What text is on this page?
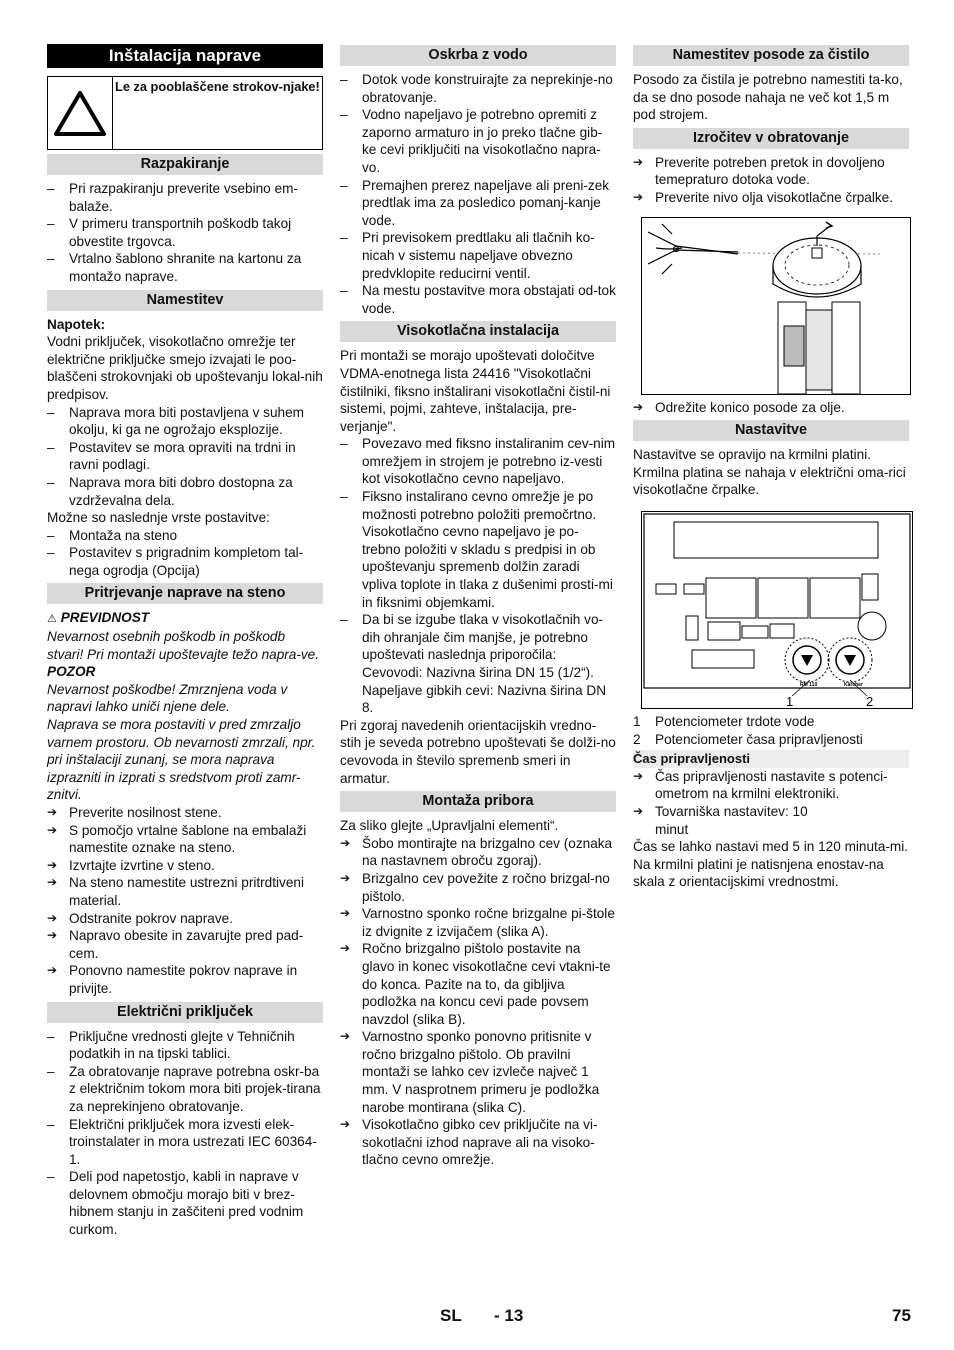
Inštalacija naprave
Le za pooblaščene strokov-njake!
Razpakiranje
– Pri razpakiranju preverite vsebino em-balaže.
– V primeru transportnih poškodb takoj obvestite trgovca.
– Vrtalno šablono shranite na kartonu za montažo naprave.
Namestitev

Napotek:

Vodni priključek, visokotlačno omrežje ter električne priključke smejo izvajati le poo-blaščeni strokovnjaki ob upoštevanju lokal-nih predpisov.

– Naprava mora biti postavljena v suhem okolju, ki ga ne ogrožajo eksplozije.
– Postavitev se mora opraviti na trdni in ravni podlagi.
– Naprava mora biti dobro dostopna za vzdrževalna dela.

Možne so naslednje vrste postavitve:

– Montaža na steno
– Postavitev s prigradnim kompletom tal-nega ogrodja (Opcija)
Pritrjevanje naprave na steno

⚠ PREVIDNOST

Nevarnost osebnih poškodb in poškodb stvari! Pri montaži upoštevajte težo napra-ve.

POZOR

Nevarnost poškodbe! Zmrznjena voda v napravi lahko uniči njene dele.

Naprava se mora postaviti v pred zmrzaljo varnem prostoru. Ob nevarnosti zmrzali, npr. pri inštalaciji zunanj, se mora naprava izprazniti in izprati s sredstvom proti zamr-znitvi.

➔ Preverite nosilnost stene.
➔ S pomočjo vrtalne šablone na embalaži namestite oznake na steno.
➔ Izvrtajte izvrtine v steno.
➔ Na steno namestite ustrezni pritrdtiveni material.
➔ Odstranite pokrov naprave.
➔ Napravo obesite in zavarujte pred pad-cem.
➔ Ponovno namestite pokrov naprave in privijte.
Električni priključek
– Priključne vrednosti glejte v Tehničnih podatkih in na tipski tablici.
– Za obratovanje naprave potrebna oskr-ba z električnim tokom mora biti projek-tirana za neprekinjeno obratovanje.
– Električni priključek mora izvesti elek-troinstalater in mora ustrezati IEC 60364-1.
– Deli pod napetostjo, kabli in naprave v delovnem območju morajo biti v brez-hibnem stanju in zaščiteni pred vodnim curkom.
Oskrba z vodo
– Dotok vode konstruirajte za neprekinje-no obratovanje.
– Vodno napeljavo je potrebno opremiti z zaporno armaturo in jo preko tlačne gib-ke cevi priključiti na visokotlačno napra-vo.
– Premajhen prerez napeljave ali preni-zek predtlak ima za posledico pomanj-kanje vode.
– Pri previsokem predtlaku ali tlačnih ko-nicah v sistemu napeljave obvezno predvklopite reducirni ventil.
– Na mestu postavitve mora obstajati od-tok vode.
Visokotlačna instalacija

Pri montaži se morajo upoštevati določitve VDMA-enotnega lista 24416 "Visokotlačni čistilniki, fiksno inštalirani visokotlačni čistil-ni sistemi, pojmi, zahteve, inštalacija, pre-verjanje".

– Povezavo med fiksno instaliranim cev-nim omrežjem in strojem je potrebno iz-vesti kot visokotlačno cevno napeljavo.
– Fiksno instalirano cevno omrežje je po možnosti potrebno položiti premočrtno. Visokotlačno cevno napeljavo je po-trebno položiti v skladu s predpisi in ob upoštevanju spremenb dolžin zaradi vpliva toplote in tlaka z dušenimi prosti-mi in fiksnimi objemkami.
– Da bi se izgube tlaka v visokotlačnih vo-dih ohranjale čim manjše, je potrebno upoštevati naslednja priporočila: Cevovodi: Nazivna širina DN 15 (1/2“). Napeljave gibkih cevi: Nazivna širina DN 8.

Pri zgoraj navedenih orientacijskih vredno-stih je seveda potrebno upoštevati še dolži-no cevovoda in število spremenb smeri in armatur.

Montaža pribora

Za sliko glejte „Upravljalni elementi“.

➔ Šobo montirajte na brizgalno cev (oznaka na nastavnem obroču zgoraj).
➔ Brizgalno cev povežite z ročno brizgal-no pištolo.
➔ Varnostno sponko ročne brizgalne pi-štole iz dvignite z izvijačem (slika A).
➔ Ročno brizgalno pištolo postavite na glavo in konec visokotlačne cevi vtakni-te do konca. Pazite na to, da gibljiva podložka na koncu cevi pade povsem navzdol (slika B).
➔ Varnostno sponko ponovno pritisnite v ročno brizgalno pištolo. Ob pravilni montaži se lahko cev izvleče največ 1 mm. V nasprotnem primeru je podložka narobe montirana (slika C).
➔ Visokotlačno gibko cev priključite na vi-sokotlačni izhod naprave ali na visoko-tlačno cevno omrežje.
Namestitev posode za čistilo

Posodo za čistila je potrebno namestiti ta-ko, da se dno posode nahaja ne več kot 1,5 m pod strojem.

Izročitev v obratovanje
➔ Preverite potreben pretok in dovoljeno temepraturo dotoka vode.
➔ Preverite nivo olja visokotlačne črpalke.
➔ Odrežite konico posode za olje.
Nastavitve

Nastavitve se opravijo na krmilni platini. Krmilna platina se nahaja v električni oma-rici visokotlačne črpalke.

RM 110	Kärcher
1	2
1 Potenciometer trdote vode
2 Potenciometer časa pripravljenosti
Čas pripravljenosti
➔ Čas pripravljenosti nastavite s potenci-ometrom na krmilni elektroniki.
➔ Tovarniška nastavitev: 10 minut

Čas se lahko nastavi med 5 in 120 minuta-mi. Na krmilni platini je natisnjena enostav-na skala z orientacijskimi vrednostmi.

SL - 13	75
